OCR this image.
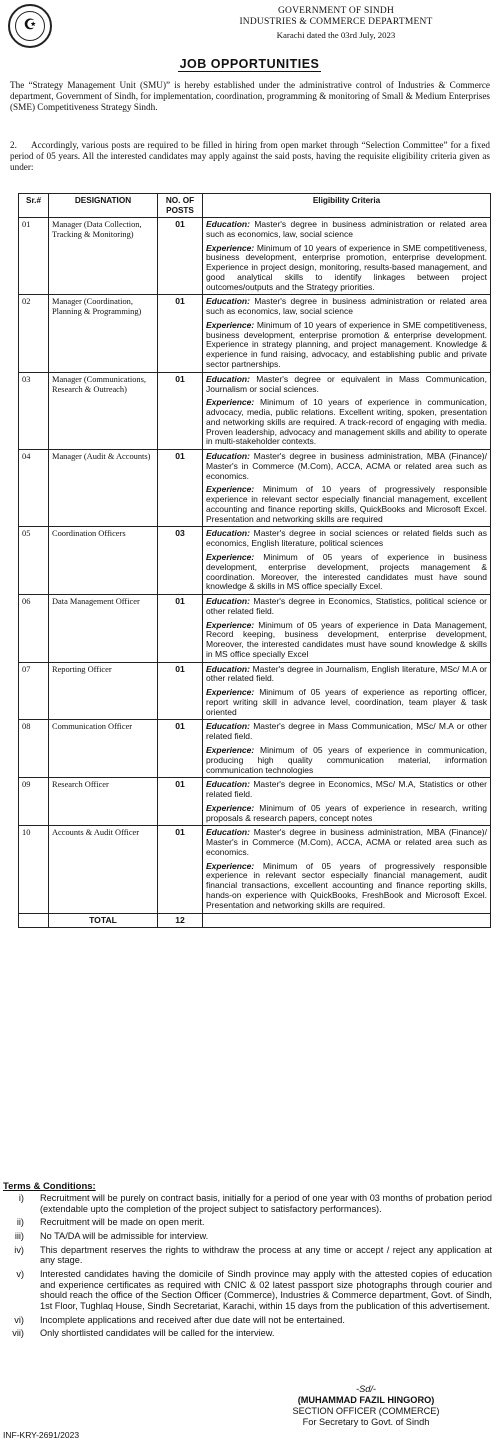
☪
GOVERNMENT OF SINDH
INDUSTRIES & COMMERCE DEPARTMENT
Karachi dated the 03rd July, 2023
JOB OPPORTUNITIES
The “Strategy Management Unit (SMU)” is hereby established under the administrative control of Industries & Commerce department, Government of Sindh, for implementation, coordination, programming & monitoring of Small & Medium Enterprises (SME) Competitiveness Strategy Sindh.
2.     Accordingly, various posts are required to be filled in hiring from open market through “Selection Committee” for a fixed period of 05 years. All the interested candidates may apply against the said posts, having the requisite eligibility criteria given as under:
Sr.#	DESIGNATION	NO. OF POSTS	Eligibility Criteria
01	Manager (Data Collection, Tracking & Monitoring)	01	Education: Master's degree in business administration or related area such as economics, law, social science

Experience: Minimum of 10 years of experience in SME competitiveness, business development, enterprise promotion, enterprise development. Experience in project design, monitoring, results-based management, and good analytical skills to identify linkages between project outcomes/outputs and the Strategy priorities.

02	Manager (Coordination, Planning & Programming)	01	Education: Master's degree in business administration or related area such as economics, law, social science

Experience: Minimum of 10 years of experience in SME competitiveness, business development, enterprise promotion & enterprise development. Experience in strategy planning, and project management. Knowledge & experience in fund raising, advocacy, and establishing public and private sector partnerships.

03	Manager (Communications, Research & Outreach)	01	Education: Master's degree or equivalent in Mass Communication, Journalism or social sciences.

Experience: Minimum of 10 years of experience in communication, advocacy, media, public relations. Excellent writing, spoken, presentation and networking skills are required. A track-record of engaging with media. Proven leadership, advocacy and management skills and ability to operate in multi-stakeholder contexts.

04	Manager (Audit & Accounts)	01	Education: Master's degree in business administration, MBA (Finance)/ Master's in Commerce (M.Com), ACCA, ACMA or related area such as economics.

Experience: Minimum of 10 years of progressively responsible experience in relevant sector especially financial management, excellent accounting and finance reporting skills, QuickBooks and Microsoft Excel. Presentation and networking skills are required

05	Coordination Officers	03	Education: Master's degree in social sciences or related fields such as economics, English literature, political sciences

Experience: Minimum of 05 years of experience in business development, enterprise development, projects management & coordination. Moreover, the interested candidates must have sound knowledge & skills in MS office specially Excel.

06	Data Management Officer	01	Education: Master's degree in Economics, Statistics, political science or other related field.

Experience: Minimum of 05 years of experience in Data Management, Record keeping, business development, enterprise development, Moreover, the interested candidates must have sound knowledge & skills in MS office specially Excel

07	Reporting Officer	01	Education: Master's degree in Journalism, English literature, MSc/ M.A or other related field.

Experience: Minimum of 05 years of experience as reporting officer, report writing skill in advance level, coordination, team player & task oriented

08	Communication Officer	01	Education: Master's degree in Mass Communication, MSc/ M.A or other related field.

Experience: Minimum of 05 years of experience in communication, producing high quality communication material, information communication technologies

09	Research Officer	01	Education: Master's degree in Economics, MSc/ M.A, Statistics or other related field.

Experience: Minimum of 05 years of experience in research, writing proposals & research papers, concept notes

10	Accounts & Audit Officer	01	Education: Master's degree in business administration, MBA (Finance)/ Master's in Commerce (M.Com), ACCA, ACMA or related area such as economics.

Experience: Minimum of 05 years of progressively responsible experience in relevant sector especially financial management, audit financial transactions, excellent accounting and finance reporting skills, hands-on experience with QuickBooks, FreshBook and Microsoft Excel. Presentation and networking skills are required.

	TOTAL	12	
Terms & Conditions:
i)	Recruitment will be purely on contract basis, initially for a period of one year with 03 months of probation period (extendable upto the completion of the project subject to satisfactory performances).
ii)	Recruitment will be made on open merit.
iii)	No TA/DA will be admissible for interview.
iv)	This department reserves the rights to withdraw the process at any time or accept / reject any application at any stage.
v)	Interested candidates having the domicile of Sindh province may apply with the attested copies of education and experience certificates as required with CNIC & 02 latest passport size photographs through courier and should reach the office of the Section Officer (Commerce), Industries & Commerce department, Govt. of Sindh, 1st Floor, Tughlaq House, Sindh Secretariat, Karachi, within 15 days from the publication of this advertisement.
vi)	Incomplete applications and received after due date will not be entertained.
vii)	Only shortlisted candidates will be called for the interview.
-Sd/-
(MUHAMMAD FAZIL HINGORO)
SECTION OFFICER (COMMERCE)
For Secretary to Govt. of Sindh
INF-KRY-2691/2023
